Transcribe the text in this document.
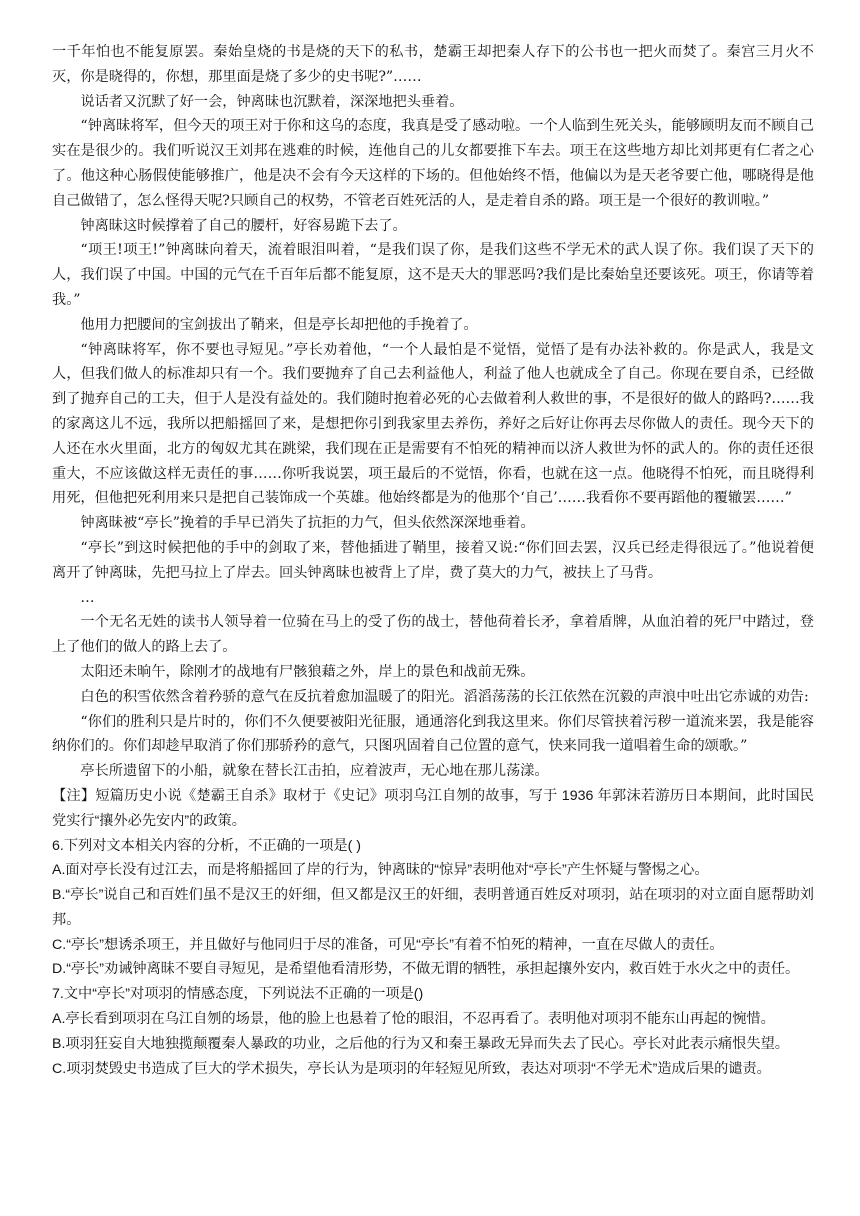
一千年怕也不能复原罢。秦始皇烧的书是烧的天下的私书，楚霸王却把秦人存下的公书也一把火而焚了。秦宫三月火不灭，你是晓得的，你想，那里面是烧了多少的史书呢?”……

说话者又沉默了好一会，钟离昧也沉默着，深深地把头垂着。

“钟离昧将军，但今天的项王对于你和这乌的态度，我真是受了感动啦。一个人临到生死关头，能够顾明友而不顾自己实在是很少的。我们听说汉王刘邦在逃难的时候，连他自己的儿女都要推下车去。项王在这些地方却比刘邦更有仁者之心了。他这种心肠假使能够推广，他是决不会有今天这样的下场的。但他始终不悟，他偏以为是天老爷要亡他，哪晓得是他自己做错了，怎么怪得天呢?只顾自己的权势，不管老百姓死活的人，是走着自杀的路。项王是一个很好的教训啦。”

钟离昧这时候撑着了自己的腰杆，好容易跪下去了。

“项王!项王!”钟离昧向着天，流着眼泪叫着，“是我们误了你，是我们这些不学无术的武人误了你。我们误了天下的人，我们误了中国。中国的元气在千百年后都不能复原，这不是天大的罪恶吗?我们是比秦始皇还要该死。项王，你请等着我。”

他用力把腰间的宝剑拔出了鞘来，但是亭长却把他的手挽着了。

“钟离昧将军，你不要也寻短见。”亭长劝着他，“一个人最怕是不觉悟，觉悟了是有办法补救的。你是武人，我是文人，但我们做人的标准却只有一个。我们要抛弃了自己去利益他人，利益了他人也就成全了自己。你现在要自杀，已经做到了抛弃自己的工夫，但于人是没有益处的。我们随时抱着必死的心去做着利人救世的事，不是很好的做人的路吗?……我的家离这儿不远，我所以把船摇回了来，是想把你引到我家里去养伤，养好之后好让你再去尽你做人的责任。现今天下的人还在水火里面，北方的匈奴尤其在跳梁，我们现在正是需要有不怕死的精神而以济人救世为怀的武人的。你的责任还很重大，不应该做这样无责任的事……你听我说罢，项王最后的不觉悟，你看，也就在这一点。他晓得不怕死，而且晓得利用死，但他把死利用来只是把自己装饰成一个英雄。他始终都是为的他那个‘自己’……我看你不要再蹈他的覆辙罢……”

钟离昧被“亭长”挽着的手早已消失了抗拒的力气，但头依然深深地垂着。

“亭长”到这时候把他的手中的剑取了来，替他插进了鞘里，接着又说:“你们回去罢，汉兵已经走得很远了。”他说着便离开了钟离昧，先把马拉上了岸去。回头钟离昧也被背上了岸，费了莫大的力气，被扶上了马背。

…

一个无名无姓的读书人领导着一位骑在马上的受了伤的战士，替他荷着长矛，拿着盾牌，从血泊着的死尸中踏过，登上了他们的做人的路上去了。

太阳还未晌午，除刚才的战地有尸骸狼藉之外，岸上的景色和战前无殊。

白色的积雪依然含着矜骄的意气在反抗着愈加温暖了的阳光。滔滔荡荡的长江依然在沉毅的声浪中吐出它赤诚的劝告:

“你们的胜利只是片时的，你们不久便要被阳光征服，通通溶化到我这里来。你们尽管挟着污秽一道流来罢，我是能容纳你们的。你们却趁早取消了你们那骄矜的意气，只图巩固着自己位置的意气，快来同我一道唱着生命的颂歌。”

亭长所遗留下的小船，就象在替长江击拍，应着波声，无心地在那儿荡漾。

【注】短篇历史小说《楚霸王自杀》取材于《史记》项羽乌江自刎的故事，写于 1936 年郭沫若游历日本期间，此时国民党实行“攘外必先安内”的政策。

6.下列对文本相关内容的分析，不正确的一项是( )

A.面对亭长没有过江去，而是将船摇回了岸的行为，钟离昧的“惊异”表明他对“亭长”产生怀疑与警惕之心。

B.“亭长”说自己和百姓们虽不是汉王的奸细，但又都是汉王的奸细，表明普通百姓反对项羽，站在项羽的对立面自愿帮助刘邦。

C.“亭长”想诱杀项王，并且做好与他同归于尽的准备，可见“亭长”有着不怕死的精神，一直在尽做人的责任。

D.“亭长”劝诫钟离昧不要自寻短见，是希望他看清形势，不做无谓的牺牲，承担起攘外安内，救百姓于水火之中的责任。

7.文中“亭长”对项羽的情感态度，下列说法不正确的一项是()

A.亭长看到项羽在乌江自刎的场景，他的脸上也悬着了怆的眼泪，不忍再看了。表明他对项羽不能东山再起的惋惜。

B.项羽狂妄自大地独揽颠覆秦人暴政的功业，之后他的行为又和秦王暴政无异而失去了民心。亭长对此表示痛恨失望。

C.项羽焚毁史书造成了巨大的学术损失，亭长认为是项羽的年轻短见所致，表达对项羽“不学无术”造成后果的谴责。
